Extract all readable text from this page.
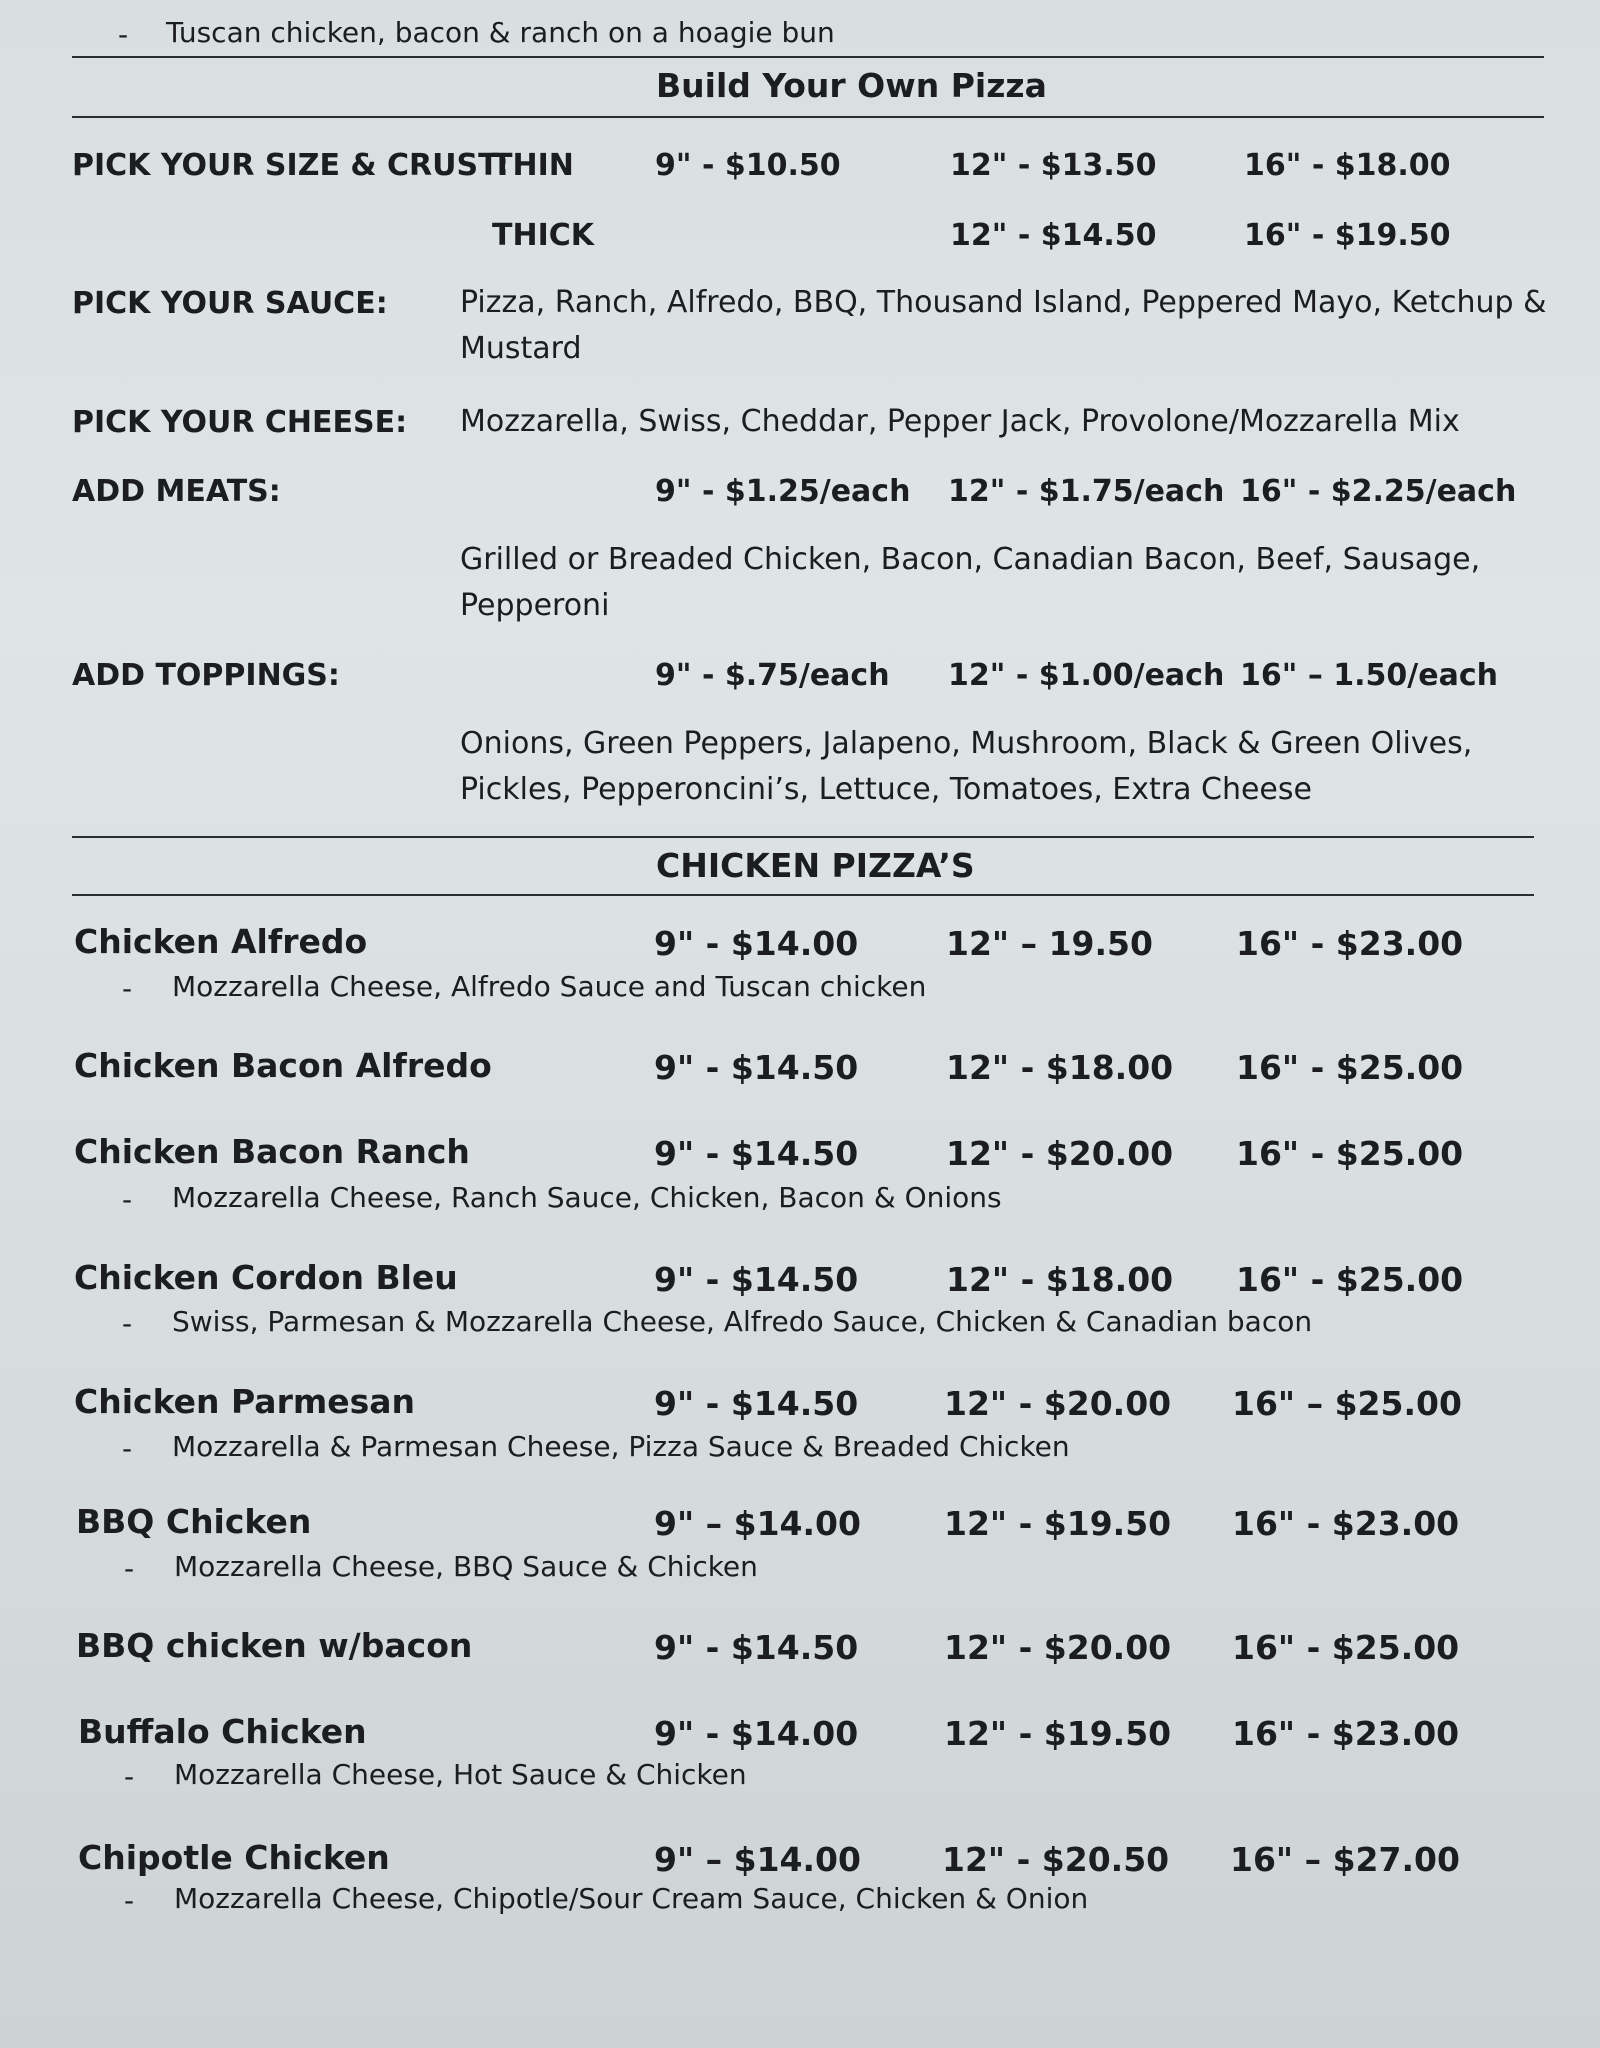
- Tuscan chicken, bacon & ranch on a hoagie bun
Build Your Own Pizza
PICK YOUR SIZE & CRUST:
THIN	9" - $10.50	12" - $13.50	16" - $18.00
THICK	12" - $14.50	16" - $19.50
PICK YOUR SAUCE: Pizza, Ranch, Alfredo, BBQ, Thousand Island, Peppered Mayo, Ketchup &
Mustard
PICK YOUR CHEESE: Mozzarella, Swiss, Cheddar, Pepper Jack, Provolone/Mozzarella Mix
ADD MEATS:	9" - $1.25/each 12" - $1.75/each 16" - $2.25/each
Grilled or Breaded Chicken, Bacon, Canadian Bacon, Beef, Sausage,
Pepperoni
ADD TOPPINGS:	9" - $.75/each 12" - $1.00/each 16" – 1.50/each
Onions, Green Peppers, Jalapeno, Mushroom, Black & Green Olives,
Pickles, Pepperoncini’s, Lettuce, Tomatoes, Extra Cheese
CHICKEN PIZZA’S
Chicken Alfredo	9" - $14.00	12" – 19.50	16" - $23.00
- Mozzarella Cheese, Alfredo Sauce and Tuscan chicken
Chicken Bacon Alfredo	9" - $14.50	12" - $18.00 16" - $25.00
Chicken Bacon Ranch	9" - $14.50	12" - $20.00 16" - $25.00
- Mozzarella Cheese, Ranch Sauce, Chicken, Bacon & Onions
Chicken Cordon Bleu	9" - $14.50	12" - $18.00 16" - $25.00
- Swiss, Parmesan & Mozzarella Cheese, Alfredo Sauce, Chicken & Canadian bacon
Chicken Parmesan	9" - $14.50	12" - $20.00 16" – $25.00
- Mozzarella & Parmesan Cheese, Pizza Sauce & Breaded Chicken
BBQ Chicken	9" – $14.00	12" - $19.50 16" - $23.00
- Mozzarella Cheese, BBQ Sauce & Chicken
BBQ chicken w/bacon	9" - $14.50	12" - $20.00 16" - $25.00
Buffalo Chicken	9" - $14.00	12" - $19.50 16" - $23.00
- Mozzarella Cheese, Hot Sauce & Chicken
Chipotle Chicken	9" – $14.00 12" - $20.50 16" – $27.00
- Mozzarella Cheese, Chipotle/Sour Cream Sauce, Chicken & Onion
